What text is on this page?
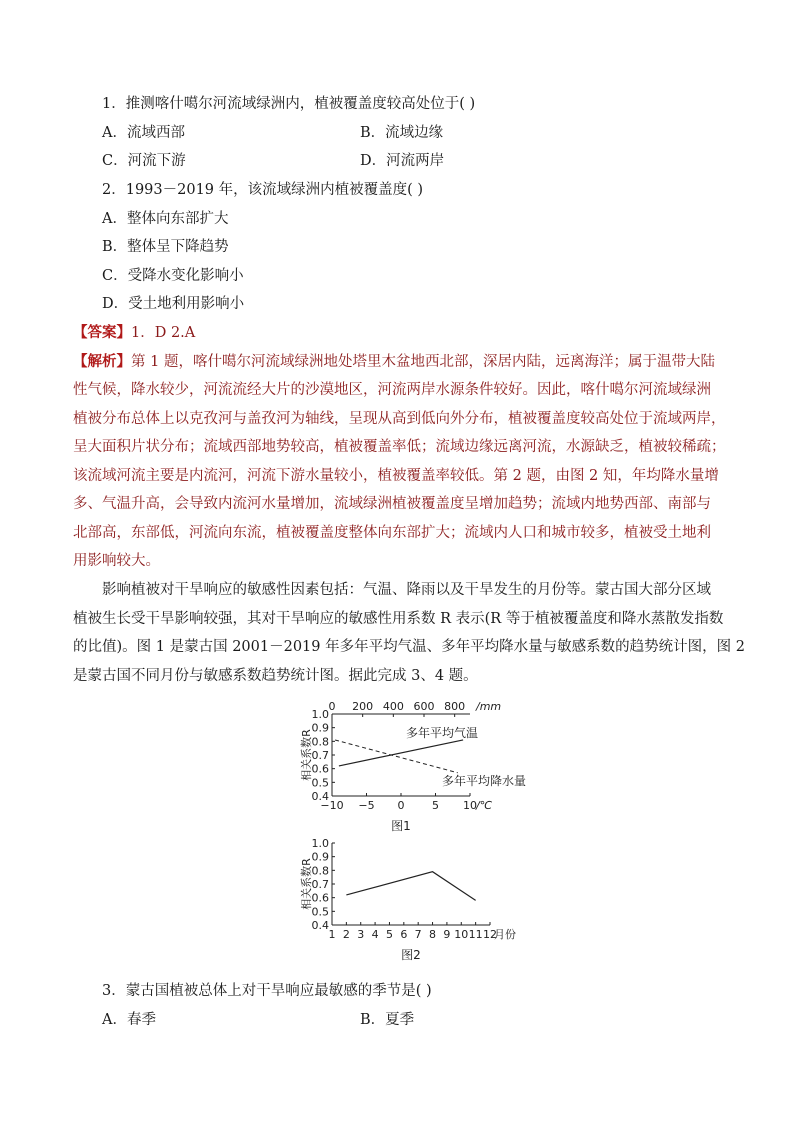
1．推测喀什噶尔河流域绿洲内，植被覆盖度较高处位于( )
A．流域西部	B．流域边缘
C．河流下游	D．河流两岸
2．1993－2019 年，该流域绿洲内植被覆盖度( )
A．整体向东部扩大
B．整体呈下降趋势
C．受降水变化影响小
D．受土地利用影响小
【答案】1．D 2.A
【解析】第 1 题，喀什噶尔河流域绿洲地处塔里木盆地西北部，深居内陆，远离海洋；属于温带大陆
性气候，降水较少，河流流经大片的沙漠地区，河流两岸水源条件较好。因此，喀什噶尔河流域绿洲
植被分布总体上以克孜河与盖孜河为轴线，呈现从高到低向外分布，植被覆盖度较高处位于流域两岸，
呈大面积片状分布；流域西部地势较高，植被覆盖率低；流域边缘远离河流，水源缺乏，植被较稀疏；
该流域河流主要是内流河，河流下游水量较小，植被覆盖率较低。第 2 题，由图 2 知，年均降水量增
多、气温升高，会导致内流河水量增加，流域绿洲植被覆盖度呈增加趋势；流域内地势西部、南部与
北部高，东部低，河流向东流，植被覆盖度整体向东部扩大；流域内人口和城市较多，植被受土地利
用影响较大。
影响植被对干旱响应的敏感性因素包括：气温、降雨以及干旱发生的月份等。蒙古国大部分区域
植被生长受干旱影响较强，其对干旱响应的敏感性用系数 R 表示(R 等于植被覆盖度和降水蒸散发指数
的比值)。图 1 是蒙古国 2001－2019 年多年平均气温、多年平均降水量与敏感系数的趋势统计图，图 2
是蒙古国不同月份与敏感系数趋势统计图。据此完成 3、4 题。
0.4
0.5
0.6
0.7
0.8
0.9
1.0
−10 −5 0	5 10 /℃
0 200 400 600 800 /mm
相关系数R	多年平均气温
多年平均降水量
图1
0.4
0.5
0.6
0.7
0.8
0.9
1.0
1 2 3 4 5 6 7 8 9 10 11 12
月份
相关系数R
图2
3．蒙古国植被总体上对干旱响应最敏感的季节是( )
A．春季	B．夏季
